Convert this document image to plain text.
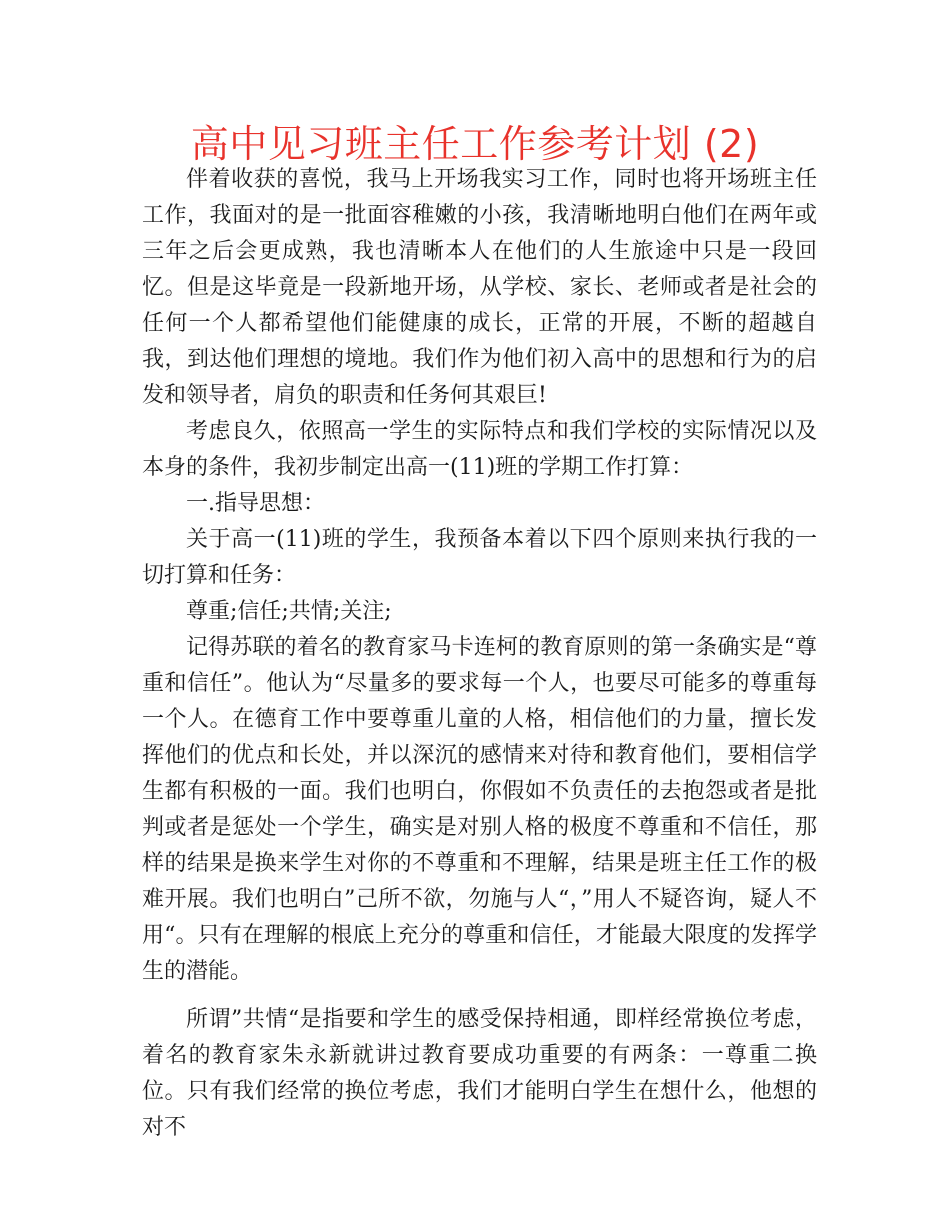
高中见习班主任工作参考计划 (2)

伴着收获的喜悦，我马上开场我实习工作，同时也将开场班主任工作，我面对的是一批面容稚嫩的小孩，我清晰地明白他们在两年或三年之后会更成熟，我也清晰本人在他们的人生旅途中只是一段回忆。但是这毕竟是一段新地开场，从学校、家长、老师或者是社会的任何一个人都希望他们能健康的成长，正常的开展，不断的超越自我，到达他们理想的境地。我们作为他们初入高中的思想和行为的启发和领导者，肩负的职责和任务何其艰巨!

考虑良久，依照高一学生的实际特点和我们学校的实际情况以及本身的条件，我初步制定出高一(11)班的学期工作打算：

一.指导思想：

关于高一(11)班的学生，我预备本着以下四个原则来执行我的一切打算和任务：

尊重;信任;共情;关注;

记得苏联的着名的教育家马卡连柯的教育原则的第一条确实是“尊重和信任”。他认为“尽量多的要求每一个人，也要尽可能多的尊重每一个人。在德育工作中要尊重儿童的人格，相信他们的力量，擅长发挥他们的优点和长处，并以深沉的感情来对待和教育他们，要相信学生都有积极的一面。我们也明白，你假如不负责任的去抱怨或者是批判或者是惩处一个学生，确实是对别人格的极度不尊重和不信任，那样的结果是换来学生对你的不尊重和不理解，结果是班主任工作的极难开展。我们也明白”己所不欲，勿施与人“，”用人不疑咨询，疑人不用“。只有在理解的根底上充分的尊重和信任，才能最大限度的发挥学生的潜能。

所谓”共情“是指要和学生的感受保持相通，即样经常换位考虑，着名的教育家朱永新就讲过教育要成功重要的有两条：一尊重二换位。只有我们经常的换位考虑，我们才能明白学生在想什么，他想的对不
